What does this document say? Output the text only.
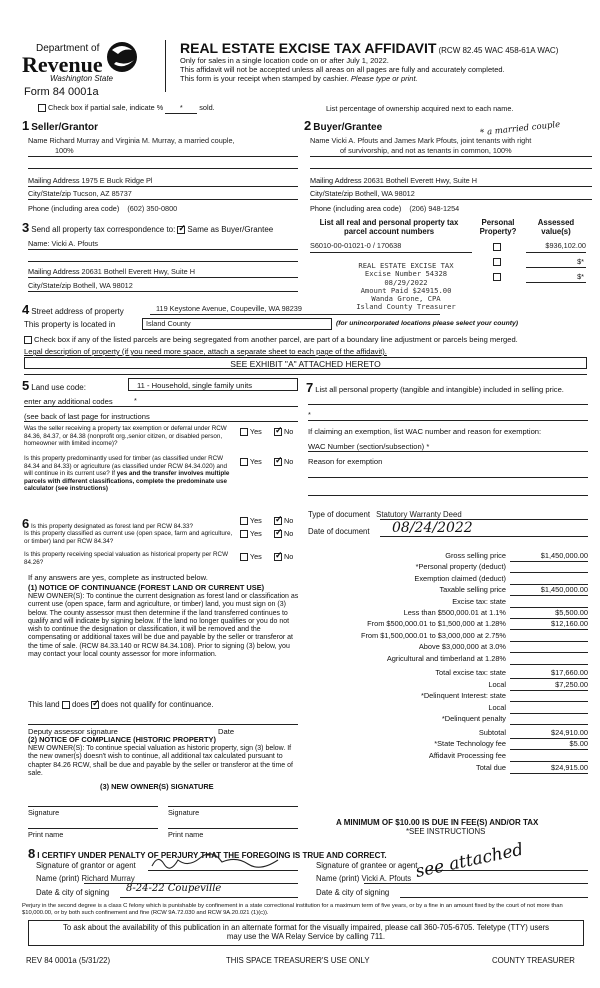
Department of
Revenue
Washington State
Form 84 0001a
REAL ESTATE EXCISE TAX AFFIDAVIT (RCW 82.45 WAC 458-61A WAC)
Only for sales in a single location code on or after July 1, 2022.
This affidavit will not be accepted unless all areas on all pages are fully and accurately completed.
This form is your receipt when stamped by cashier. Please type or print.
Check box if partial sale, indicate % * sold.	List percentage of ownership acquired next to each name.
1 Seller/Grantor
Name Richard Murray and Virginia M. Murray, a married couple,
100%
Mailing Address 1975 E Buck Ridge Pl
City/State/zip Tucson, AZ 85737
Phone (including area code) (602) 350-0800
2 Buyer/Grantee	* a married couple
Name Vicki A. Pfouts and James Mark Pfouts, joint tenants with right
of survivorship, and not as tenants in common, 100%
Mailing Address 20631 Bothell Everett Hwy, Suite H
City/State/zip Bothell, WA 98012
Phone (including area code) (206) 948-1254
3 Send all property tax correspondence to: ✓ Same as Buyer/Grantee
Name: Vicki A. Pfouts
Mailing Address 20631 Bothell Everett Hwy, Suite H
City/State/zip Bothell, WA 98012
List all real and personal property tax
parcel account numbers
Personal
Property?
Assessed
value(s)
S6010-00-01021-0 / 170638	$936,102.00
$*
$*
REAL ESTATE EXCISE TAX
Excise Number 54328
08/29/2022
Amount Paid $24915.00
Wanda Grone, CPA
Island County Treasurer
4 Street address of property	119 Keystone Avenue, Coupeville, WA 98239
This property is located in	Island County	(for unincorporated locations please select your county)
Check box if any of the listed parcels are being segregated from another parcel, are part of a boundary line adjustment or parcels being merged.
Legal description of property (if you need more space, attach a separate sheet to each page of the affidavit).
SEE EXHIBIT "A" ATTACHED HERETO
5 Land use code:	11 - Household, single family units
enter any additional codes	*
(see back of last page for instructions
Was the seller receiving a property tax exemption or deferral under RCW 84.36, 84.37, or 84.38 (nonprofit org.,senior citizen, or disabled person, homeowner with limited income)?
Yes ✓	No
Is this property predominantly used for timber (as classified under RCW 84.34 and 84.33) or agriculture (as classified under RCW 84.34.020) and will continue in its current use? If yes and the transfer involves multiple parcels with different classifications, complete the predominate use calculator (see instructions)
Yes ✓	No
6 Is this property designated as forest land per RCW 84.33?
Yes ✓	No
Is this property classified as current use (open space, farm and agriculture, or timber) land per RCW 84.34?
Yes ✓	No
Is this property receiving special valuation as historical property per RCW 84.26?
Yes ✓	No
If any answers are yes, complete as instructed below.
(1) NOTICE OF CONTINUANCE (FOREST LAND OR CURRENT USE)
NEW OWNER(S): To continue the current designation as forest land or classification as current use (open space, farm and agriculture, or timber) land, you must sign on (3) below. The county assessor must then determine if the land transferred continues to qualify and will indicate by signing below. If the land no longer qualifies or you do not wish to continue the designation or classification, it will be removed and the compensating or additional taxes will be due and payable by the seller or transferor at the time of sale. (RCW 84.33.140 or RCW 84.34.108). Prior to signing (3) below, you may contact your local county assessor for more information.
This land does ✓ does not qualify for continuance.
Deputy assessor signature	Date
(2) NOTICE OF COMPLIANCE (HISTORIC PROPERTY)
NEW OWNER(S): To continue special valuation as historic property, sign (3) below. If the new owner(s) doesn't wish to continue, all additional tax calculated pursuant to chapter 84.26 RCW, shall be due and payable by the seller or transferor at the time of sale.
(3) NEW OWNER(S) SIGNATURE
Signature	Signature
Print name	Print name
7 List all personal property (tangible and intangible) included in selling price.
*
If claiming an exemption, list WAC number and reason for exemption:
WAC Number (section/subsection) *
Reason for exemption
Type of document Statutory Warranty Deed
Date of document 08/24/2022
Gross selling price	$1,450,000.00
*Personal property (deduct)
Exemption claimed (deduct)
Taxable selling price	$1,450,000.00
Excise tax: state
Less than $500,000.01 at 1.1%	$5,500.00
From $500,000.01 to $1,500,000 at 1.28%	$12,160.00
From $1,500,000.01 to $3,000,000 at 2.75%
Above $3,000,000 at 3.0%
Agricultural and timberland at 1.28%
Total excise tax: state	$17,660.00
Local	$7,250.00
*Delinquent Interest: state
Local
*Delinquent penalty
Subtotal	$24,910.00
*State Technology fee	$5.00
Affidavit Processing fee
Total due	$24,915.00
A MINIMUM OF $10.00 IS DUE IN FEE(S) AND/OR TAX
*SEE INSTRUCTIONS
8 I CERTIFY UNDER PENALTY OF PERJURY THAT THE FOREGOING IS TRUE AND CORRECT.
Signature of grantor or agent
Name (print) Richard Murray
Date & city of signing 8-24-22 Coupeville
Signature of grantee or agent
Name (print) Vicki A. Pfouts
Date & city of signing
see attached
Perjury in the second degree is a class C felony which is punishable by confinement in a state correctional institution for a maximum term of five years, or by a fine in an amount fixed by the court of not more than $10,000.00, or by both such confinement and fine (RCW 9A.72.030 and RCW 9A.20.021 (1)(c)).
To ask about the availability of this publication in an alternate format for the visually impaired, please call 360-705-6705. Teletype (TTY) users may use the WA Relay Service by calling 711.
REV 84 0001a (5/31/22)	THIS SPACE TREASURER'S USE ONLY	COUNTY TREASURER
